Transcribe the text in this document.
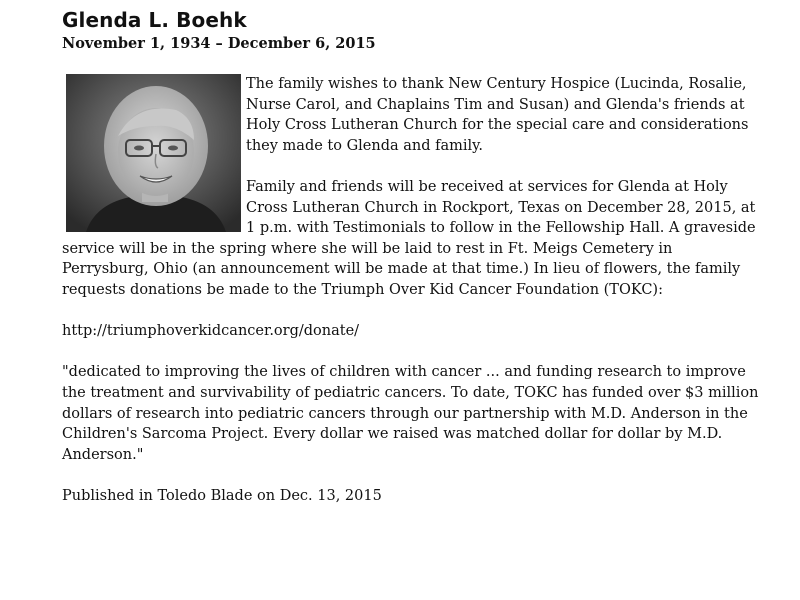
Glenda L. Boehk
November 1, 1934 – December 6, 2015

The family wishes to thank New Century Hospice (Lucinda, Rosalie, Nurse Carol, and Chaplains Tim and Susan) and Glenda's friends at Holy Cross Lutheran Church for the special care and considerations they made to Glenda and family.

Family and friends will be received at services for Glenda at Holy Cross Lutheran Church in Rockport, Texas on December 28, 2015, at 1 p.m. with Testimonials to follow in the Fellowship Hall. A graveside service will be in the spring where she will be laid to rest in Ft. Meigs Cemetery in Perrysburg, Ohio (an announcement will be made at that time.) In lieu of flowers, the family requests donations be made to the Triumph Over Kid Cancer Foundation (TOKC):

http://triumphoverkidcancer.org/donate/

"dedicated to improving the lives of children with cancer ... and funding research to improve the treatment and survivability of pediatric cancers. To date, TOKC has funded over $3 million dollars of research into pediatric cancers through our partnership with M.D. Anderson in the Children's Sarcoma Project. Every dollar we raised was matched dollar for dollar by M.D. Anderson."

Published in Toledo Blade on Dec. 13, 2015
